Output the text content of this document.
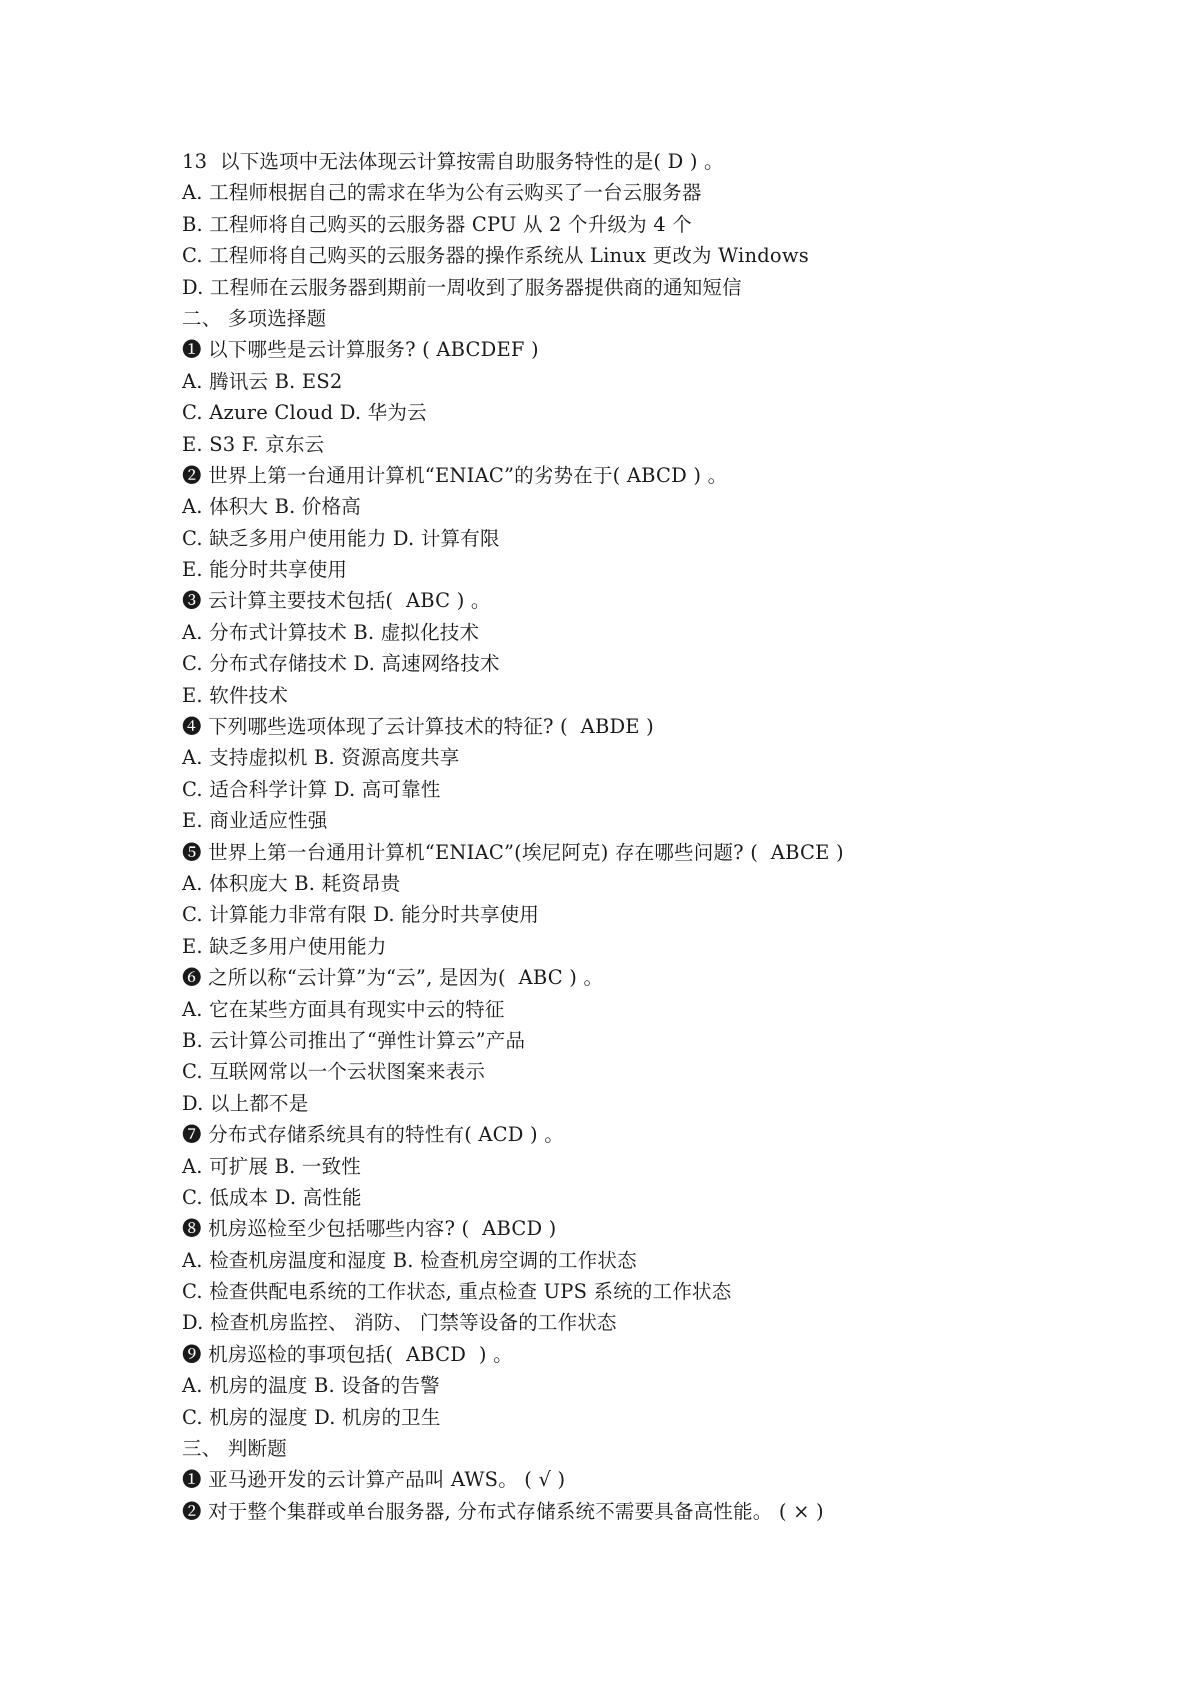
13  以下选项中无法体现云计算按需自助服务特性的是( D ) 。
A. 工程师根据自己的需求在华为公有云购买了一台云服务器
B. 工程师将自己购买的云服务器 CPU 从 2 个升级为 4 个
C. 工程师将自己购买的云服务器的操作系统从 Linux 更改为 Windows
D. 工程师在云服务器到期前一周收到了服务器提供商的通知短信
二、 多项选择题
❶ 以下哪些是云计算服务? ( ABCDEF )
A. 腾讯云 B. ES2
C. Azure Cloud D. 华为云
E. S3 F. 京东云
❷ 世界上第一台通用计算机“ENIAC”的劣势在于( ABCD ) 。
A. 体积大 B. 价格高
C. 缺乏多用户使用能力 D. 计算有限
E. 能分时共享使用
❸ 云计算主要技术包括(  ABC ) 。
A. 分布式计算技术 B. 虚拟化技术
C. 分布式存储技术 D. 高速网络技术
E. 软件技术
❹ 下列哪些选项体现了云计算技术的特征? (  ABDE )
A. 支持虚拟机 B. 资源高度共享
C. 适合科学计算 D. 高可靠性
E. 商业适应性强
❺ 世界上第一台通用计算机“ENIAC”(埃尼阿克) 存在哪些问题? (  ABCE )
A. 体积庞大 B. 耗资昂贵
C. 计算能力非常有限 D. 能分时共享使用
E. 缺乏多用户使用能力
❻ 之所以称“云计算”为“云”, 是因为(  ABC ) 。
A. 它在某些方面具有现实中云的特征
B. 云计算公司推出了“弹性计算云”产品
C. 互联网常以一个云状图案来表示
D. 以上都不是
❼ 分布式存储系统具有的特性有( ACD ) 。
A. 可扩展 B. 一致性
C. 低成本 D. 高性能
❽ 机房巡检至少包括哪些内容? (  ABCD )
A. 检查机房温度和湿度 B. 检查机房空调的工作状态
C. 检查供配电系统的工作状态, 重点检查 UPS 系统的工作状态
D. 检查机房监控、 消防、 门禁等设备的工作状态
❾ 机房巡检的事项包括(  ABCD  ) 。
A. 机房的温度 B. 设备的告警
C. 机房的湿度 D. 机房的卫生
三、 判断题
❶ 亚马逊开发的云计算产品叫 AWS。 ( √ )
❷ 对于整个集群或单台服务器, 分布式存储系统不需要具备高性能。 ( × )
